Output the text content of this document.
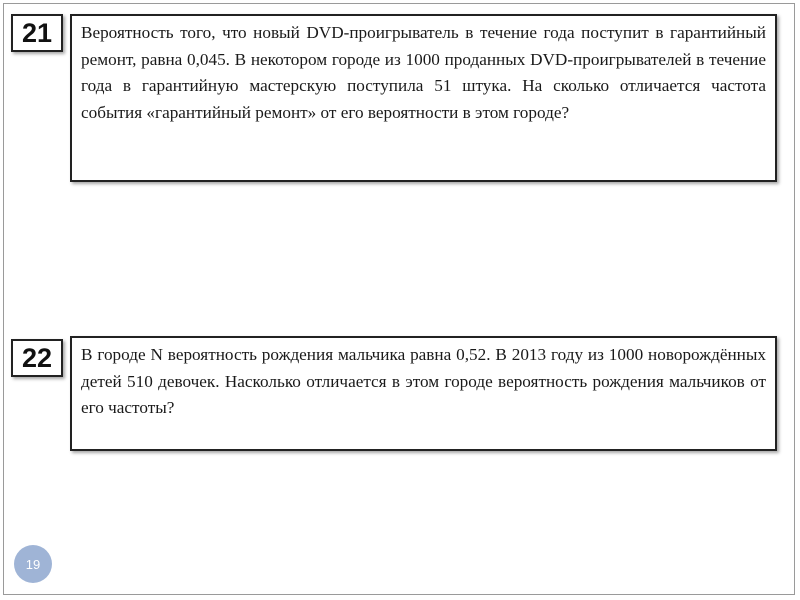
21	Вероятность того, что новый DVD-проигрыватель в течение года поступит в гарантийный ремонт, равна 0,045. В некотором городе из 1000 проданных DVD-проигрывателей в течение года в гарантийную мастерскую поступила 51 штука. На сколько отличается частота события «гарантийный ремонт» от его вероятности в этом городе?

22	В городе N вероятность рождения мальчика равна 0,52. В 2013 году из 1000 новорождённых детей 510 девочек. Насколько отличается в этом городе вероятность рождения мальчиков от его частоты?

19
